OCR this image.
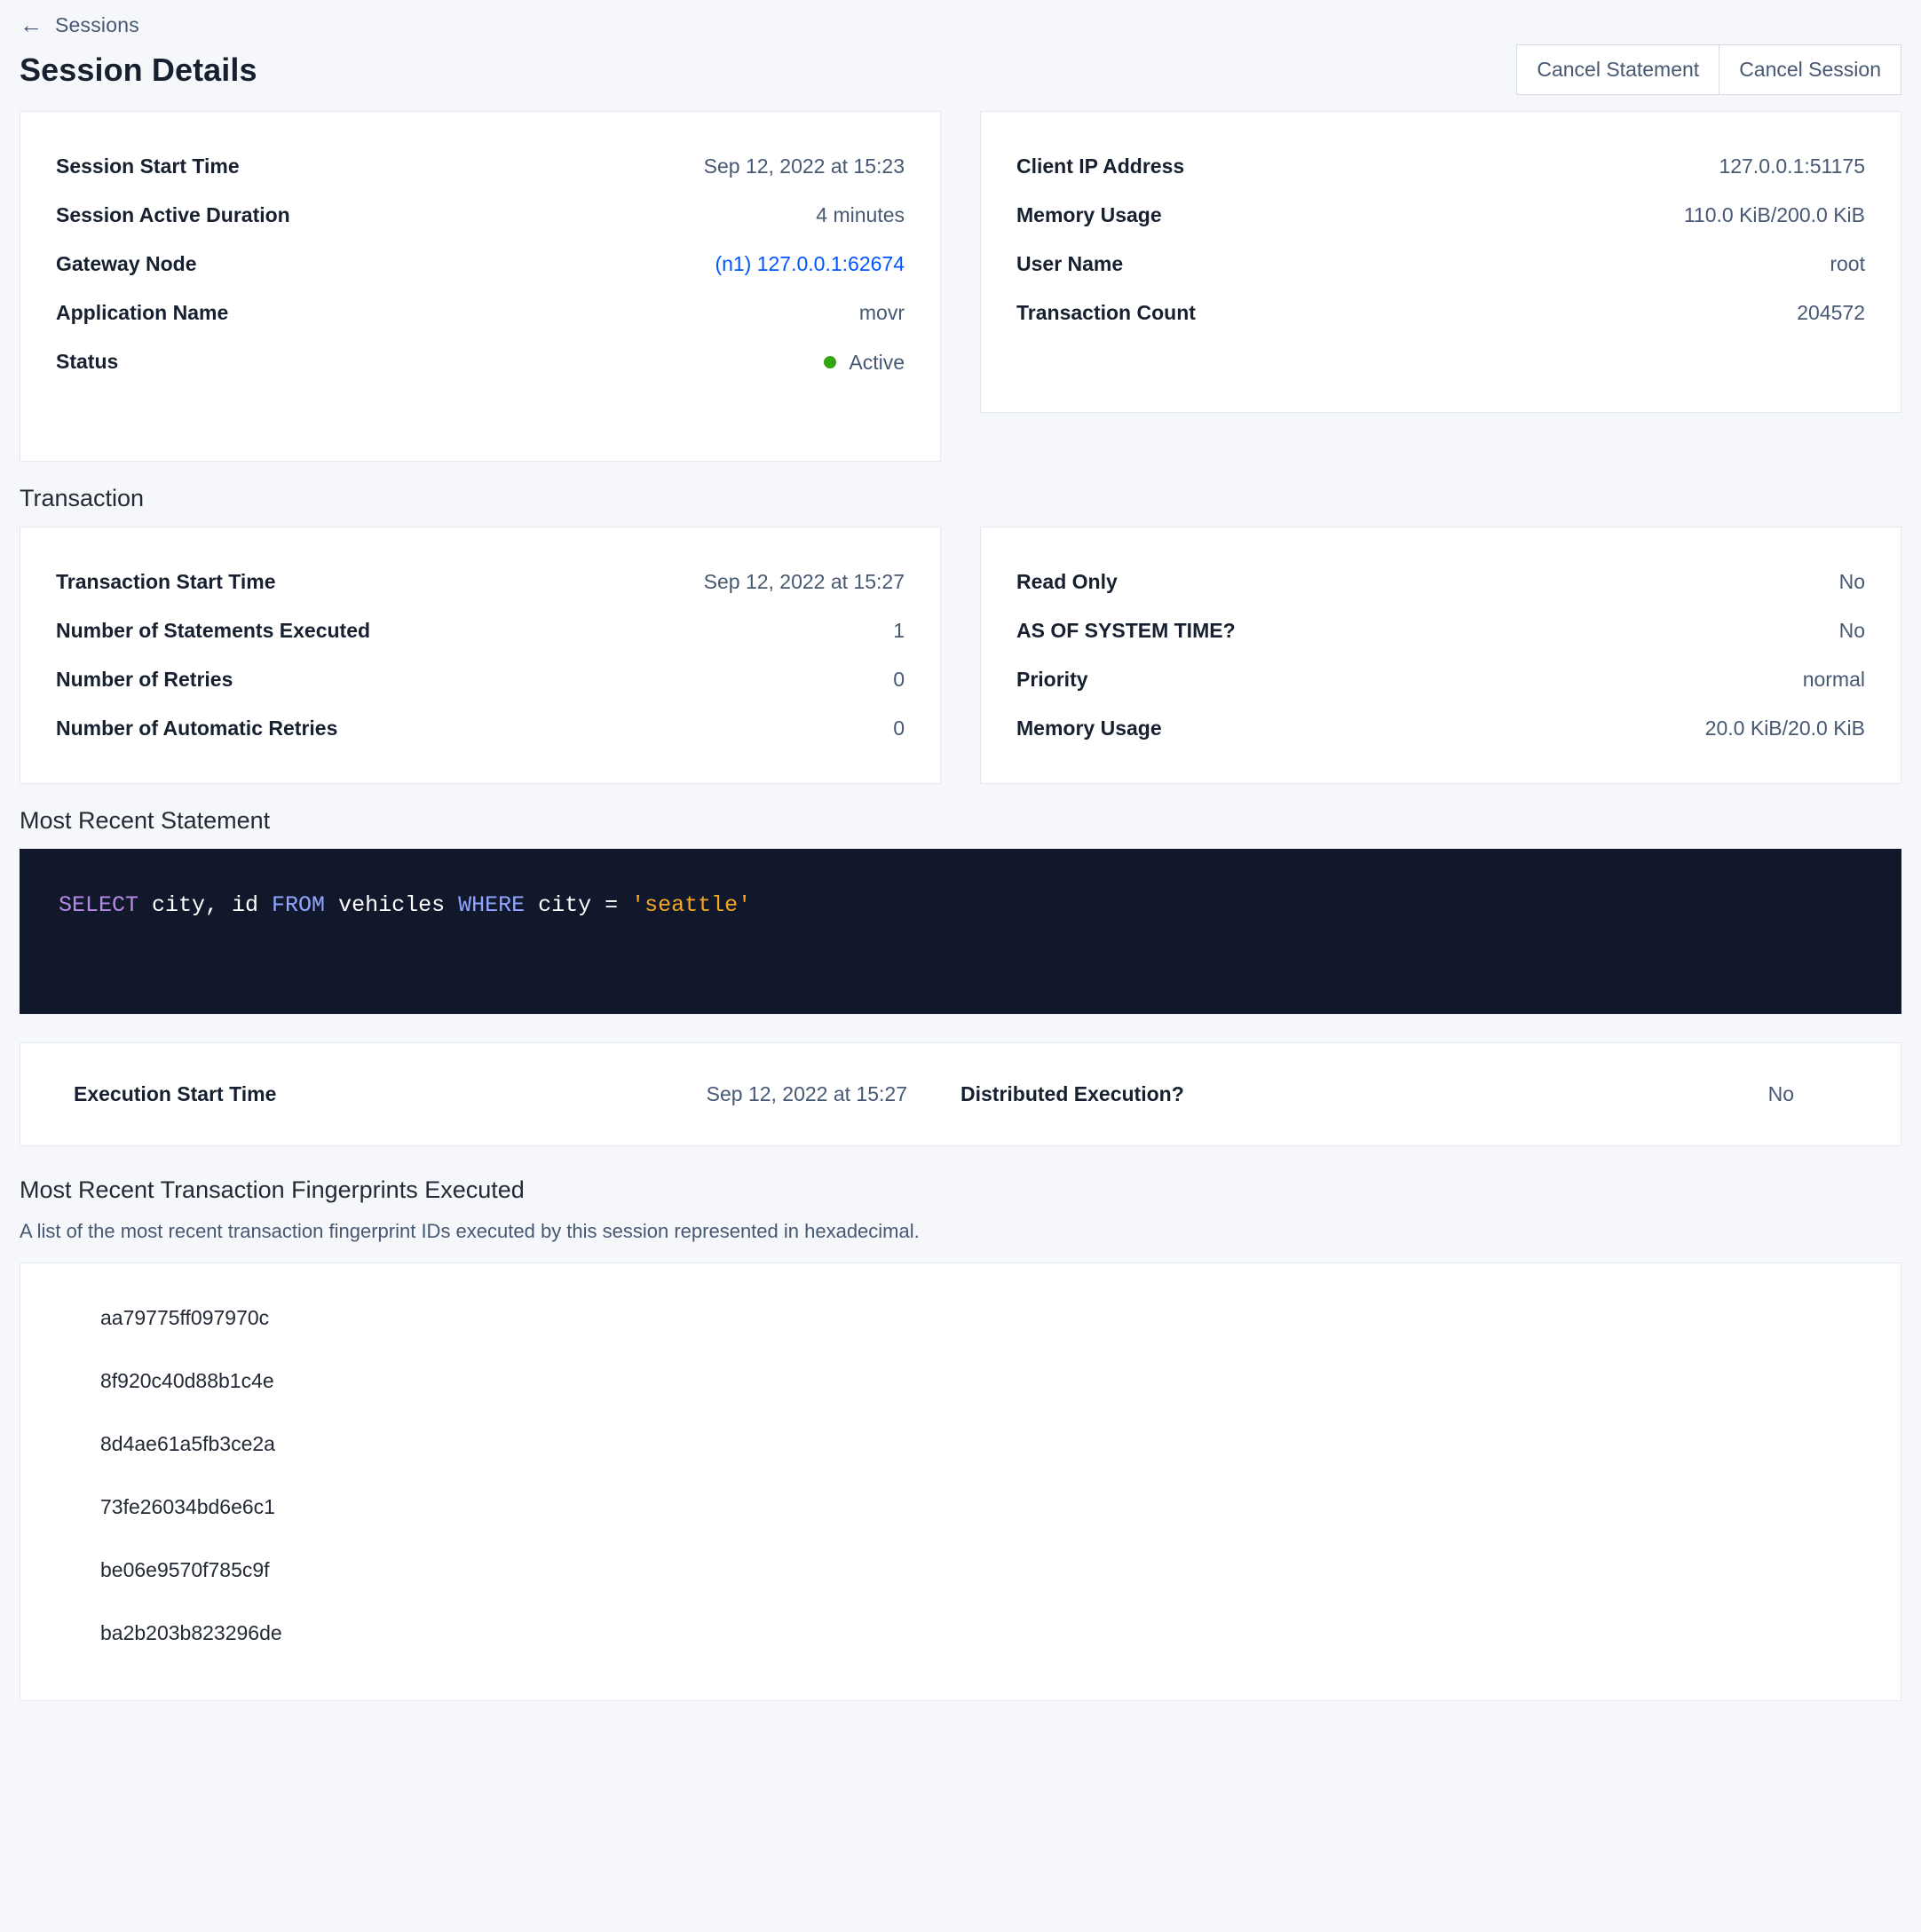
← Sessions
Session Details	Cancel Statement	Cancel Session
Session Start Time	Sep 12, 2022 at 15:23
Session Active Duration	4 minutes
Gateway Node	(n1) 127.0.0.1:62674
Application Name	movr
Status	Active
Client IP Address	127.0.0.1:51175
Memory Usage	110.0 KiB/200.0 KiB
User Name	root
Transaction Count	204572
Transaction
Transaction Start Time	Sep 12, 2022 at 15:27
Number of Statements Executed	1
Number of Retries	0
Number of Automatic Retries	0
Read Only	No
AS OF SYSTEM TIME?	No
Priority	normal
Memory Usage	20.0 KiB/20.0 KiB
Most Recent Statement
SELECT city, id FROM vehicles WHERE city = 'seattle'
Execution Start Time	Sep 12, 2022 at 15:27	Distributed Execution?	No
Most Recent Transaction Fingerprints Executed
A list of the most recent transaction fingerprint IDs executed by this session represented in hexadecimal.
aa79775ff097970c
8f920c40d88b1c4e
8d4ae61a5fb3ce2a
73fe26034bd6e6c1
be06e9570f785c9f
ba2b203b823296de
